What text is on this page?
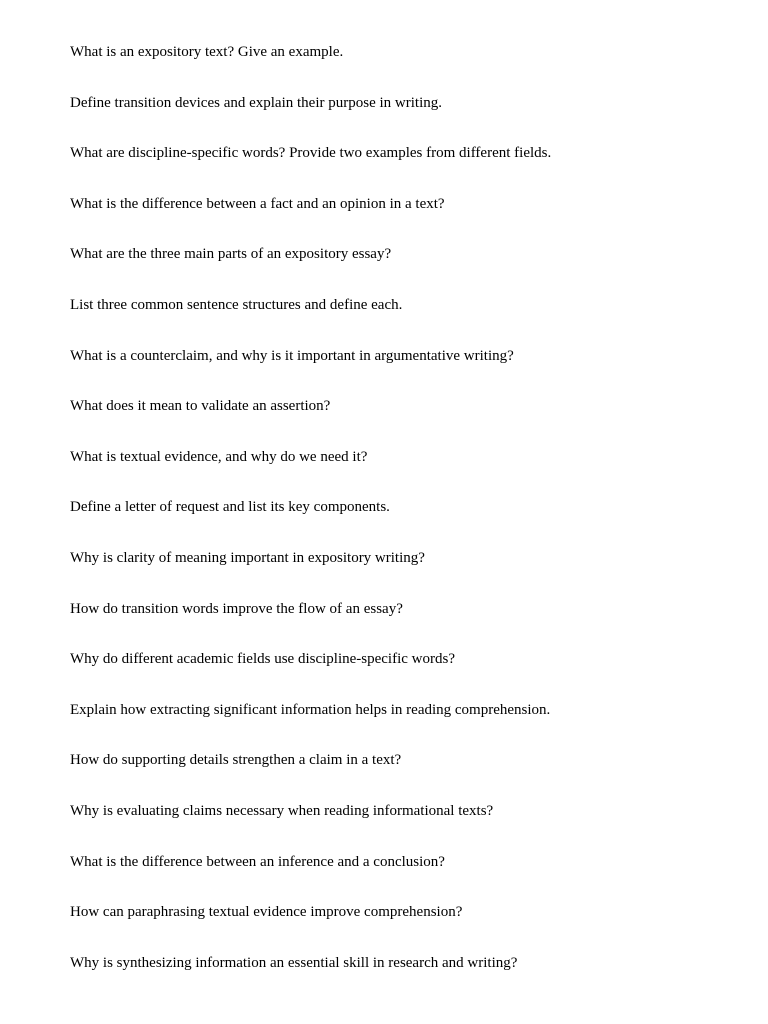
What is an expository text? Give an example.
Define transition devices and explain their purpose in writing.
What are discipline-specific words? Provide two examples from different fields.
What is the difference between a fact and an opinion in a text?
What are the three main parts of an expository essay?
List three common sentence structures and define each.
What is a counterclaim, and why is it important in argumentative writing?
What does it mean to validate an assertion?
What is textual evidence, and why do we need it?
Define a letter of request and list its key components.
Why is clarity of meaning important in expository writing?
How do transition words improve the flow of an essay?
Why do different academic fields use discipline-specific words?
Explain how extracting significant information helps in reading comprehension.
How do supporting details strengthen a claim in a text?
Why is evaluating claims necessary when reading informational texts?
What is the difference between an inference and a conclusion?
How can paraphrasing textual evidence improve comprehension?
Why is synthesizing information an essential skill in research and writing?
